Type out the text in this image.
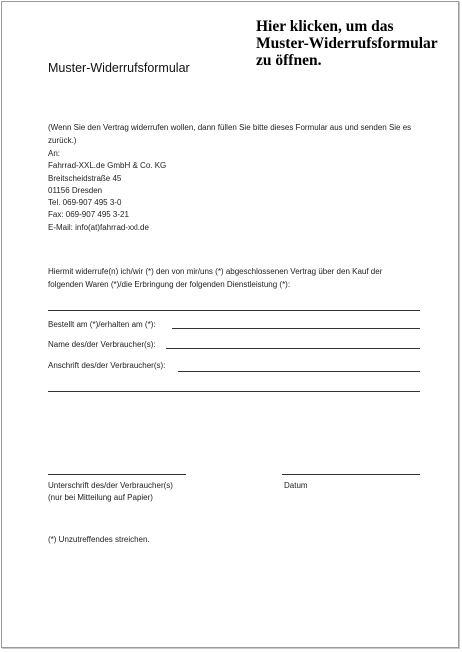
Hier klicken, um das
Muster-Widerrufsformular
zu öffnen.
Muster-Widerrufsformular
(Wenn Sie den Vertrag widerrufen wollen, dann füllen Sie bitte dieses Formular aus und senden Sie es zurück.)
An:
Fahrrad-XXL.de GmbH & Co. KG
Breitscheidstraße 45
01156 Dresden
Tel. 069-907 495 3-0
Fax: 069-907 495 3-21
E-Mail: info(at)fahrrad-xxl.de
Hiermit widerrufe(n) ich/wir (*) den von mir/uns (*) abgeschlossenen Vertrag über den Kauf der
folgenden Waren (*)/die Erbringung der folgenden Dienstleistung (*):
Bestellt am (*)/erhalten am (*):
Name des/der Verbraucher(s):
Anschrift des/der Verbraucher(s):
Unterschrift des/der Verbraucher(s)
(nur bei Mitteilung auf Papier)
Datum
(*) Unzutreffendes streichen.
